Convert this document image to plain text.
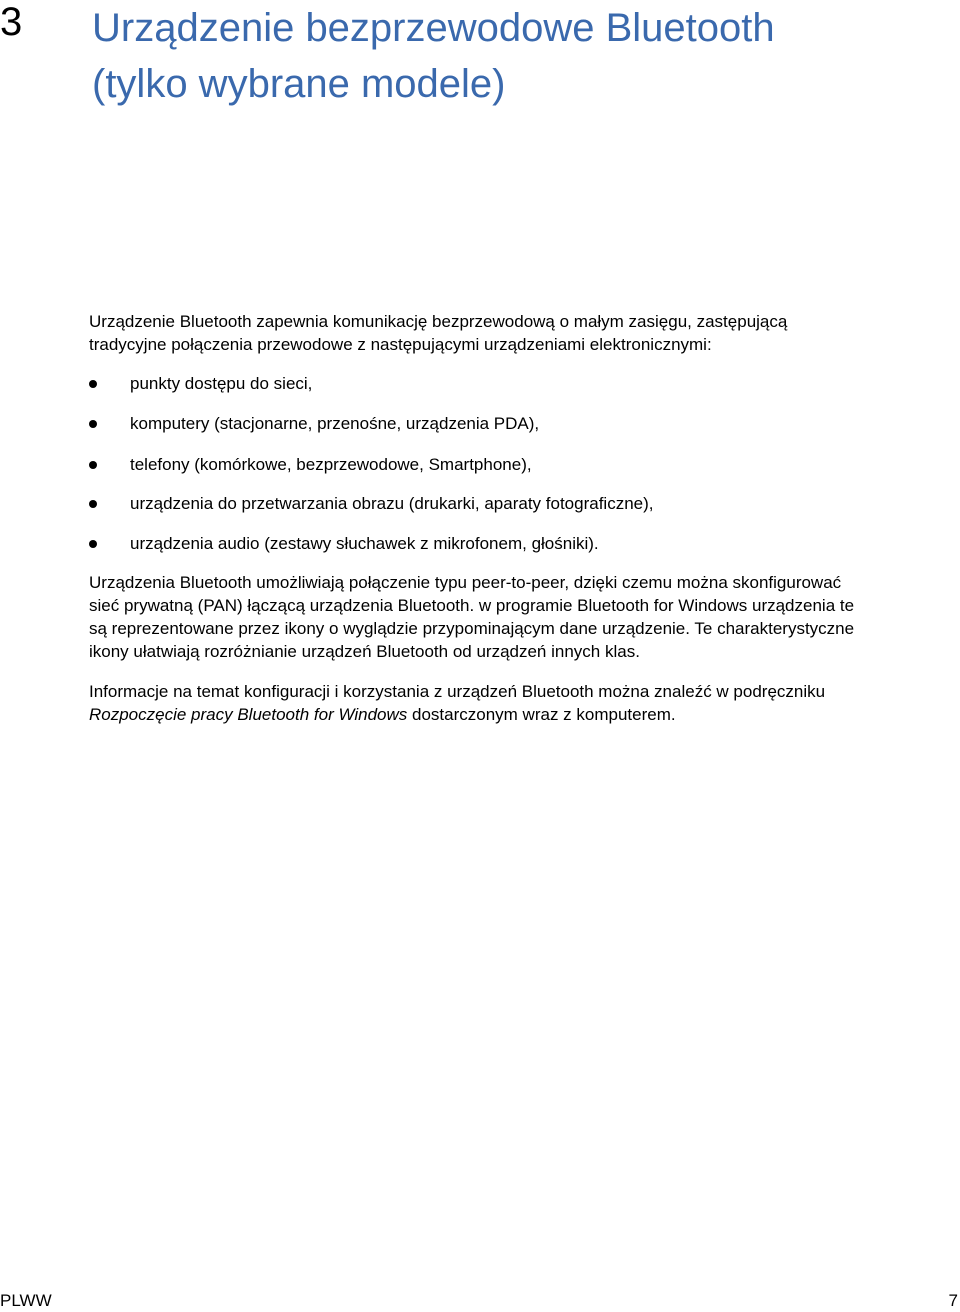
3 Urządzenie bezprzewodowe Bluetooth
(tylko wybrane modele)

Urządzenie Bluetooth zapewnia komunikację bezprzewodową o małym zasięgu, zastępującą
tradycyjne połączenia przewodowe z następującymi urządzeniami elektronicznymi:

punkty dostępu do sieci,
komputery (stacjonarne, przenośne, urządzenia PDA),
telefony (komórkowe, bezprzewodowe, Smartphone),
urządzenia do przetwarzania obrazu (drukarki, aparaty fotograficzne),
urządzenia audio (zestawy słuchawek z mikrofonem, głośniki).

Urządzenia Bluetooth umożliwiają połączenie typu peer-to-peer, dzięki czemu można skonfigurować
sieć prywatną (PAN) łączącą urządzenia Bluetooth. w programie Bluetooth for Windows urządzenia te
są reprezentowane przez ikony o wyglądzie przypominającym dane urządzenie. Te charakterystyczne
ikony ułatwiają rozróżnianie urządzeń Bluetooth od urządzeń innych klas.

Informacje na temat konfiguracji i korzystania z urządzeń Bluetooth można znaleźć w podręczniku
Rozpoczęcie pracy Bluetooth for Windows dostarczonym wraz z komputerem.

PLWW	7
